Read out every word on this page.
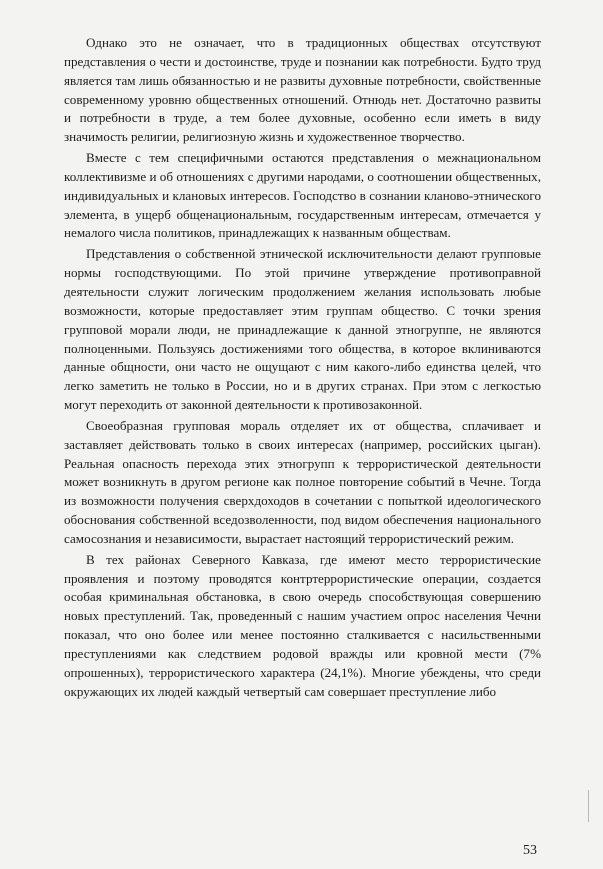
Однако это не означает, что в традиционных обществах отсутствуют представления о чести и достоинстве, труде и познании как потребности. Будто труд является там лишь обязанностью и не развиты духовные потребности, свойственные современному уровню общественных отношений. Отнюдь нет. Достаточно развиты и потребности в труде, а тем более духовные, особенно если иметь в виду значимость религии, религиозную жизнь и художественное творчество.

Вместе с тем специфичными остаются представления о межнациональном коллективизме и об отношениях с другими народами, о соотношении общественных, индивидуальных и клановых интересов. Господство в сознании кланово-этнического элемента, в ущерб общенациональным, государственным интересам, отмечается у немалого числа политиков, принадлежащих к названным обществам.

Представления о собственной этнической исключительности делают групповые нормы господствующими. По этой причине утверждение противоправной деятельности служит логическим продолжением желания использовать любые возможности, которые предоставляет этим группам общество. С точки зрения групповой морали люди, не принадлежащие к данной этногруппе, не являются полноценными. Пользуясь достижениями того общества, в которое вклиниваются данные общности, они часто не ощущают с ним какого-либо единства целей, что легко заметить не только в России, но и в других странах. При этом с легкостью могут переходить от законной деятельности к противозаконной.

Своеобразная групповая мораль отделяет их от общества, сплачивает и заставляет действовать только в своих интересах (например, российских цыган). Реальная опасность перехода этих этногрупп к террористической деятельности может возникнуть в другом регионе как полное повторение событий в Чечне. Тогда из возможности получения сверхдоходов в сочетании с попыткой идеологического обоснования собственной вседозволенности, под видом обеспечения национального самосознания и независимости, вырастает настоящий террористический режим.

В тех районах Северного Кавказа, где имеют место террористические проявления и поэтому проводятся контртеррористические операции, создается особая криминальная обстановка, в свою очередь способствующая совершению новых преступлений. Так, проведенный с нашим участием опрос населения Чечни показал, что оно более или менее постоянно сталкивается с насильственными преступлениями как следствием родовой вражды или кровной мести (7% опрошенных), террористического характера (24,1%). Многие убеждены, что среди окружающих их людей каждый четвертый сам совершает преступление либо

53
